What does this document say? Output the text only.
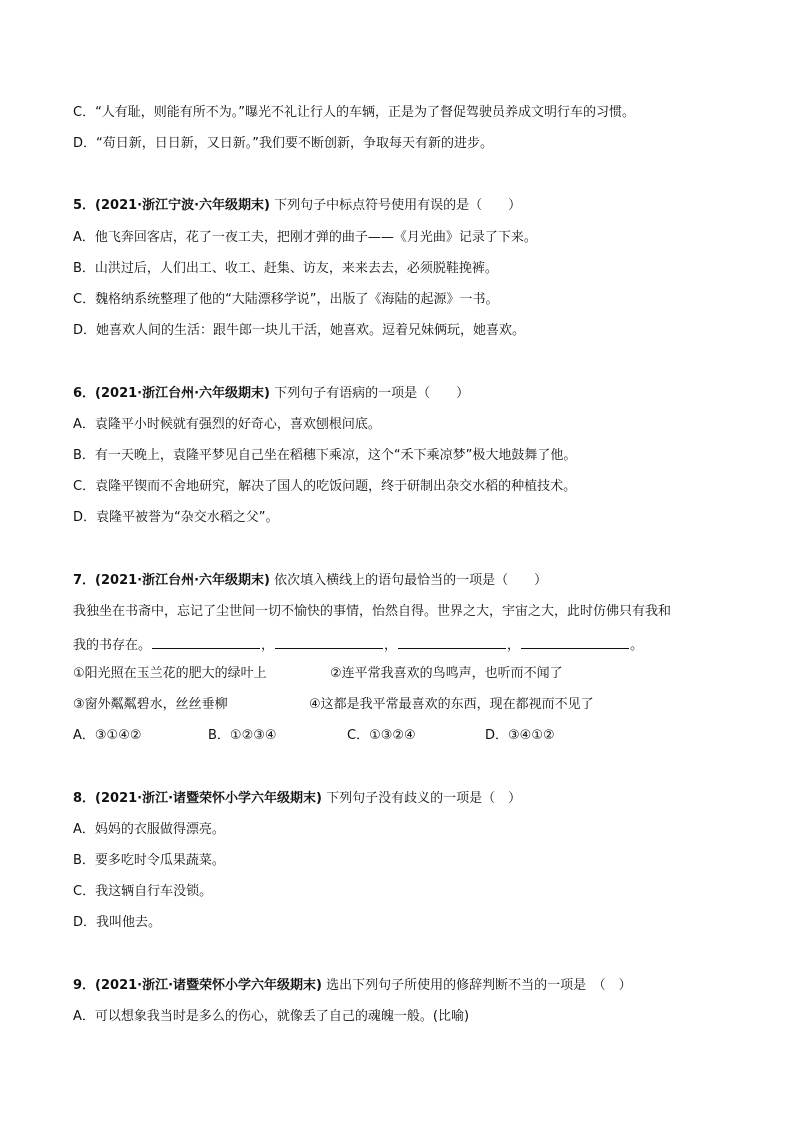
C．“人有耻，则能有所不为。”曝光不礼让行人的车辆，正是为了督促驾驶员养成文明行车的习惯。
D．“苟日新，日日新，又日新。”我们要不断创新，争取每天有新的进步。
5．(2021·浙江宁波·六年级期末) 下列句子中标点符号使用有误的是（　　）
A．他飞奔回客店，花了一夜工夫，把刚才弹的曲子——《月光曲》记录了下来。
B．山洪过后，人们出工、收工、赶集、访友，来来去去，必须脱鞋挽裤。
C．魏格纳系统整理了他的“大陆漂移学说”，出版了《海陆的起源》一书。
D．她喜欢人间的生活：跟牛郎一块儿干活，她喜欢。逗着兄妹俩玩，她喜欢。
6．(2021·浙江台州·六年级期末) 下列句子有语病的一项是（　　）
A．袁隆平小时候就有强烈的好奇心，喜欢刨根问底。
B．有一天晚上，袁隆平梦见自己坐在稻穗下乘凉，这个“禾下乘凉梦”极大地鼓舞了他。
C．袁隆平锲而不舍地研究，解决了国人的吃饭问题，终于研制出杂交水稻的种植技术。
D．袁隆平被誉为“杂交水稻之父”。
7．(2021·浙江台州·六年级期末) 依次填入横线上的语句最恰当的一项是（　　）
我独坐在书斋中，忘记了尘世间一切不愉快的事情，怡然自得。世界之大，宇宙之大，此时仿佛只有我和
我的书存在。	，	，	，	。
①阳光照在玉兰花的肥大的绿叶上	②连平常我喜欢的鸟鸣声，也听而不闻了
③窗外粼粼碧水，丝丝垂柳	④这都是我平常最喜欢的东西，现在都视而不见了
A．③①④②	B．①②③④	C．①③②④	D．③④①②
8．(2021·浙江·诸暨荣怀小学六年级期末) 下列句子没有歧义的一项是（　）
A．妈妈的衣服做得漂亮。
B．要多吃时令瓜果蔬菜。
C．我这辆自行车没锁。
D．我叫他去。
9．(2021·浙江·诸暨荣怀小学六年级期末) 选出下列句子所使用的修辞判断不当的一项是　（　）
A．可以想象我当时是多么的伤心，就像丢了自己的魂魄一般。(比喻)
